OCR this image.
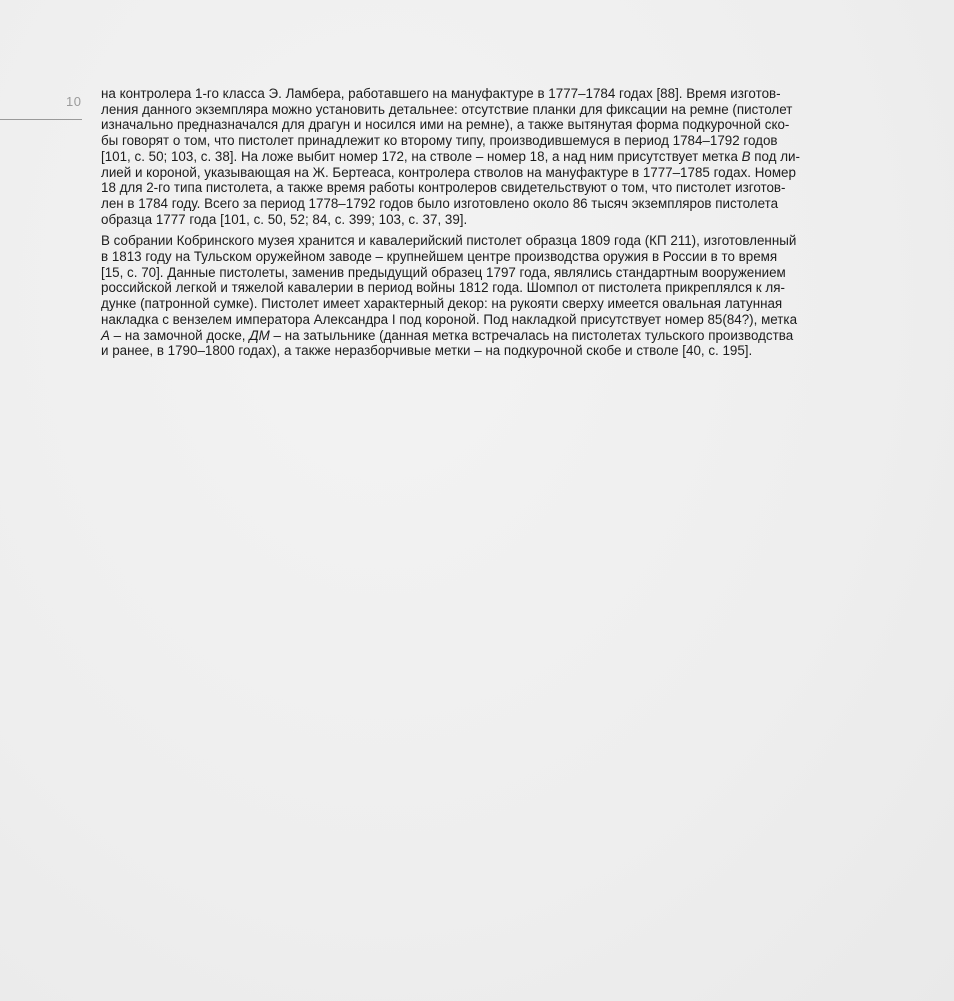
10

на контролера 1-го класса Э. Ламбера, работавшего на мануфактуре в 1777–1784 годах [88]. Время изготов-
ления данного экземпляра можно установить детальнее: отсутствие планки для фиксации на ремне (пистолет
изначально предназначался для драгун и носился ими на ремне), а также вытянутая форма подкурочной ско-
бы говорят о том, что пистолет принадлежит ко второму типу, производившемуся в период 1784–1792 годов
[101, с. 50; 103, с. 38]. На ложе выбит номер 172, на стволе – номер 18, а над ним присутствует метка B под ли-
лией и короной, указывающая на Ж. Бертеаса, контролера стволов на мануфактуре в 1777–1785 годах. Номер
18 для 2-го типа пистолета, а также время работы контролеров свидетельствуют о том, что пистолет изготов-
лен в 1784 году. Всего за период 1778–1792 годов было изготовлено около 86 тысяч экземпляров пистолета
образца 1777 года [101, с. 50, 52; 84, с. 399; 103, с. 37, 39].

В собрании Кобринского музея хранится и кавалерийский пистолет образца 1809 года (КП 211), изготовленный
в 1813 году на Тульском оружейном заводе – крупнейшем центре производства оружия в России в то время
[15, с. 70]. Данные пистолеты, заменив предыдущий образец 1797 года, являлись стандартным вооружением
российской легкой и тяжелой кавалерии в период войны 1812 года. Шомпол от пистолета прикреплялся к ля-
дунке (патронной сумке). Пистолет имеет характерный декор: на рукояти сверху имеется овальная латунная
накладка с вензелем императора Александра I под короной. Под накладкой присутствует номер 85(84?), метка
А – на замочной доске, ДМ – на затыльнике (данная метка встречалась на пистолетах тульского производства
и ранее, в 1790–1800 годах), а также неразборчивые метки – на подкурочной скобе и стволе [40, с. 195].
